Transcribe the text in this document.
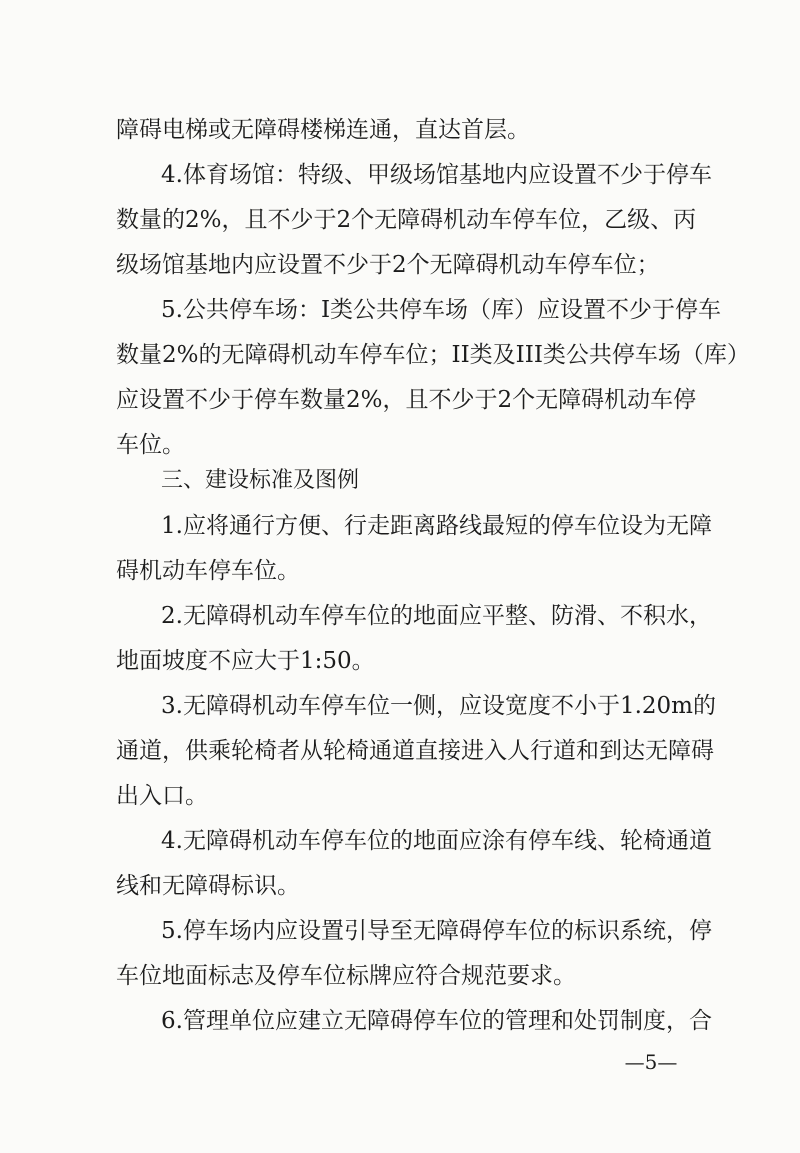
障碍电梯或无障碍楼梯连通，直达首层。
4.体育场馆：特级、甲级场馆基地内应设置不少于停车
数量的2%，且不少于2个无障碍机动车停车位，乙级、丙
级场馆基地内应设置不少于2个无障碍机动车停车位；
5.公共停车场：I类公共停车场（库）应设置不少于停车
数量2%的无障碍机动车停车位；II类及III类公共停车场（库）
应设置不少于停车数量2%，且不少于2个无障碍机动车停
车位。
三、建设标准及图例
1.应将通行方便、行走距离路线最短的停车位设为无障
碍机动车停车位。
2.无障碍机动车停车位的地面应平整、防滑、不积水，
地面坡度不应大于1:50。
3.无障碍机动车停车位一侧，应设宽度不小于1.20m的
通道，供乘轮椅者从轮椅通道直接进入人行道和到达无障碍
出入口。
4.无障碍机动车停车位的地面应涂有停车线、轮椅通道
线和无障碍标识。
5.停车场内应设置引导至无障碍停车位的标识系统，停
车位地面标志及停车位标牌应符合规范要求。
6.管理单位应建立无障碍停车位的管理和处罚制度，合
—5—
